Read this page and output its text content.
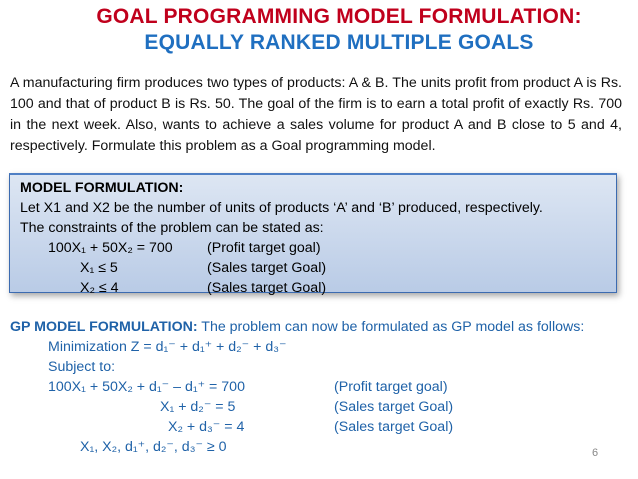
GOAL PROGRAMMING MODEL FORMULATION:
EQUALLY RANKED MULTIPLE GOALS

A manufacturing firm produces two types of products: A & B. The units profit from product A is Rs. 100 and that of product B is Rs. 50. The goal of the firm is to earn a total profit of exactly Rs. 700 in the next week. Also, wants to achieve a sales volume for product A and B close to 5 and 4, respectively. Formulate this problem as a Goal programming model.

MODEL FORMULATION:
Let X1 and X2 be the number of units of products ‘A’ and ‘B’ produced, respectively.
The constraints of the problem can be stated as:
100X₁ + 50X₂ = 700 (Profit target goal)
X₁ ≤ 5	(Sales target Goal)
X₂ ≤ 4	(Sales target Goal)

GP MODEL FORMULATION: The problem can now be formulated as GP model as follows:

Minimization Z = d₁⁻ + d₁⁺ + d₂⁻ + d₃⁻
Subject to:
100X₁ + 50X₂ + d₁⁻ – d₁⁺ = 700	(Profit target goal)
X₁ + d₂⁻ = 5	(Sales target Goal)
X₂ + d₃⁻ = 4	(Sales target Goal)
X₁, X₂, d₁⁺, d₂⁻, d₃⁻ ≥ 0	6
